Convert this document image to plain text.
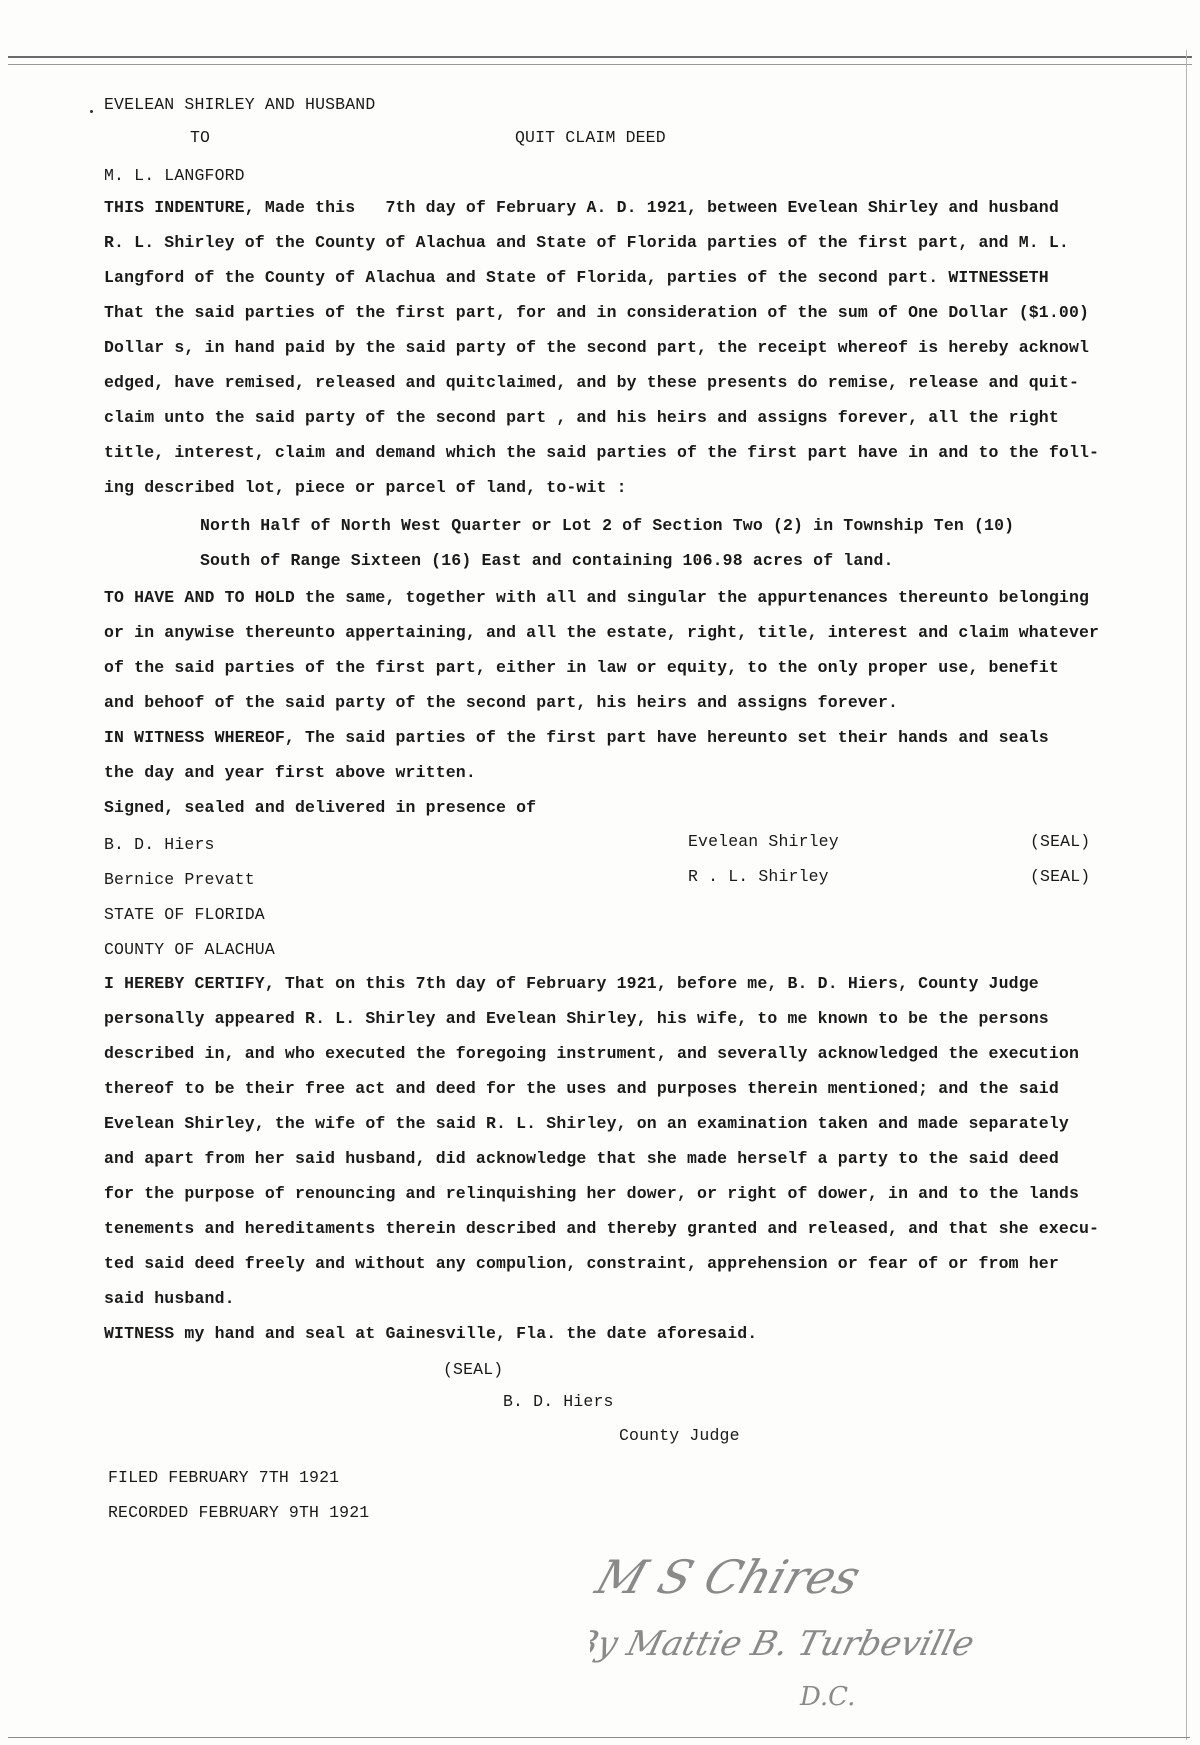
EVELEAN SHIRLEY AND HUSBAND
TO	QUIT CLAIM DEED
M. L. LANGFORD
THIS INDENTURE, Made this   7th day of February A. D. 1921, between Evelean Shirley and husband
R. L. Shirley of the County of Alachua and State of Florida parties of the first part, and M. L.
Langford of the County of Alachua and State of Florida, parties of the second part. WITNESSETH
That the said parties of the first part, for and in consideration of the sum of One Dollar ($1.00)
Dollar s, in hand paid by the said party of the second part, the receipt whereof is hereby acknowl
edged, have remised, released and quitclaimed, and by these presents do remise, release and quit-
claim unto the said party of the second part , and his heirs and assigns forever, all the right
title, interest, claim and demand which the said parties of the first part have in and to the foll-
ing described lot, piece or parcel of land, to-wit :
North Half of North West Quarter or Lot 2 of Section Two (2) in Township Ten (10)
South of Range Sixteen (16) East and containing 106.98 acres of land.
TO HAVE AND TO HOLD the same, together with all and singular the appurtenances thereunto belonging
or in anywise thereunto appertaining, and all the estate, right, title, interest and claim whatever
of the said parties of the first part, either in law or equity, to the only proper use, benefit
and behoof of the said party of the second part, his heirs and assigns forever.
IN WITNESS WHEREOF, The said parties of the first part have hereunto set their hands and seals
the day and year first above written.
Signed, sealed and delivered in presence of
B. D. Hiers
Bernice Prevatt
Evelean Shirley
R . L. Shirley
(SEAL)
(SEAL)
STATE OF FLORIDA
COUNTY OF ALACHUA
I HEREBY CERTIFY, That on this 7th day of February 1921, before me, B. D. Hiers, County Judge
personally appeared R. L. Shirley and Evelean Shirley, his wife, to me known to be the persons
described in, and who executed the foregoing instrument, and severally acknowledged the execution
thereof to be their free act and deed for the uses and purposes therein mentioned; and the said
Evelean Shirley, the wife of the said R. L. Shirley, on an examination taken and made separately
and apart from her said husband, did acknowledge that she made herself a party to the said deed
for the purpose of renouncing and relinquishing her dower, or right of dower, in and to the lands
tenements and hereditaments therein described and thereby granted and released, and that she execu-
ted said deed freely and without any compulion, constraint, apprehension or fear of or from her
said husband.
WITNESS my hand and seal at Gainesville, Fla. the date aforesaid.
(SEAL)
B. D. Hiers
County Judge
FILED FEBRUARY 7TH 1921
RECORDED FEBRUARY 9TH 1921
M S Chires
By Mattie B. Turbeville
D.C.
